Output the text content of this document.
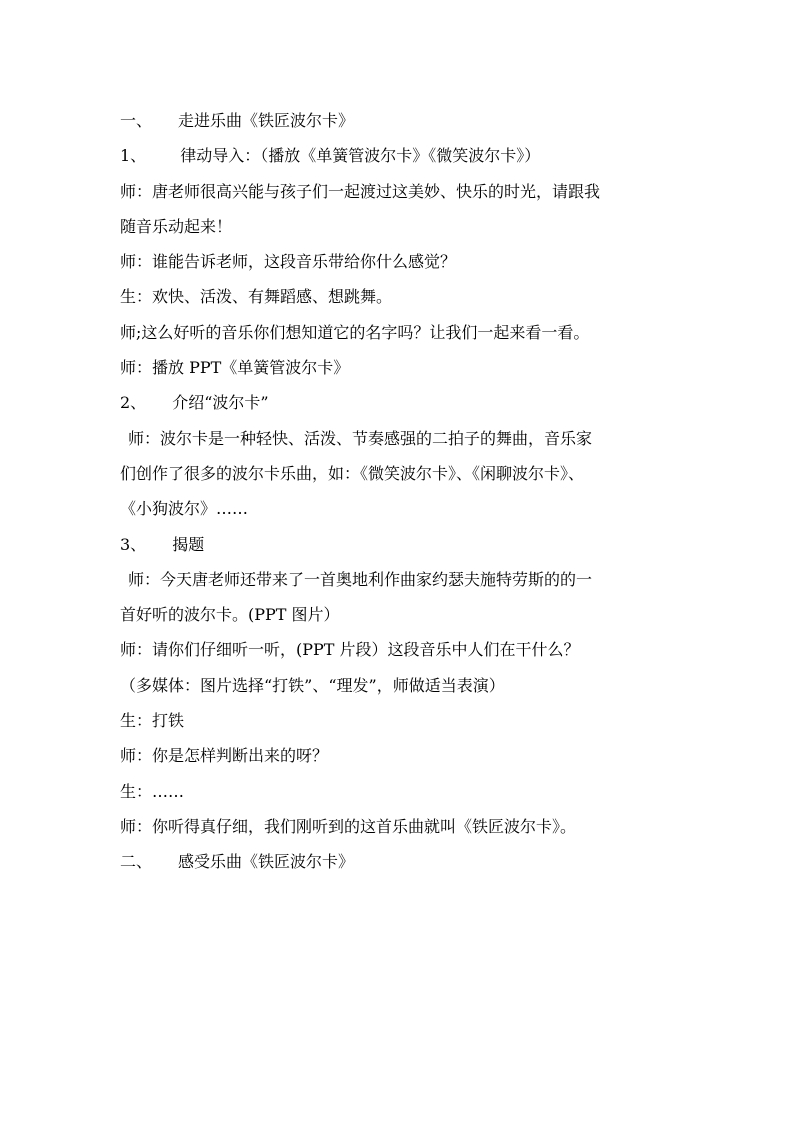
一、 走进乐曲《铁匠波尔卡》
1、 律动导入：（播放《单簧管波尔卡》《微笑波尔卡》）
师：唐老师很高兴能与孩子们一起渡过这美妙、快乐的时光，请跟我
随音乐动起来！
师：谁能告诉老师，这段音乐带给你什么感觉？
生：欢快、活泼、有舞蹈感、想跳舞。
师;这么好听的音乐你们想知道它的名字吗？让我们一起来看一看。
师：播放 PPT《单簧管波尔卡》
2、 介绍“波尔卡”
师：波尔卡是一种轻快、活泼、节奏感强的二拍子的舞曲，音乐家
们创作了很多的波尔卡乐曲，如：《微笑波尔卡》、《闲聊波尔卡》、
《小狗波尔》……
3、 揭题
师：今天唐老师还带来了一首奥地利作曲家约瑟夫施特劳斯的的一
首好听的波尔卡。(PPT 图片）
师：请你们仔细听一听，(PPT 片段）这段音乐中人们在干什么？
（多媒体：图片选择“打铁”、“理发”，师做适当表演）
生：打铁
师：你是怎样判断出来的呀？
生：……
师：你听得真仔细，我们刚听到的这首乐曲就叫《铁匠波尔卡》。
二、 感受乐曲《铁匠波尔卡》
